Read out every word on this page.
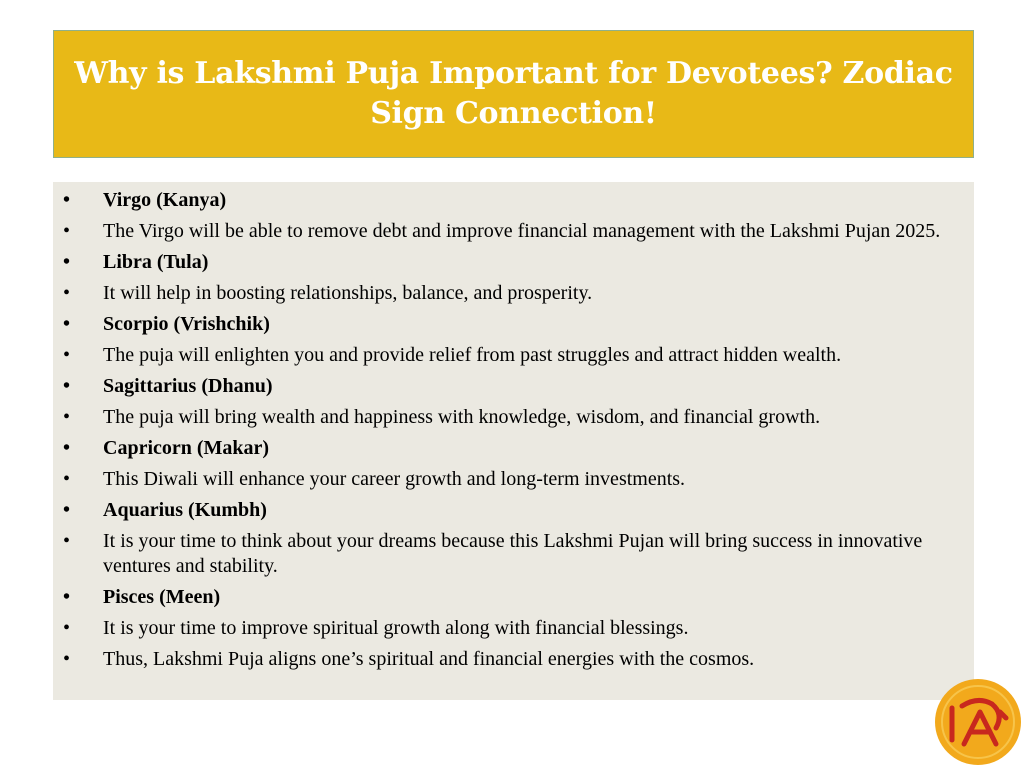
Why is Lakshmi Puja Important for Devotees? Zodiac Sign Connection!
• Virgo (Kanya)
• The Virgo will be able to remove debt and improve financial management with the Lakshmi Pujan 2025.
• Libra (Tula)
• It will help in boosting relationships, balance, and prosperity.
• Scorpio (Vrishchik)
• The puja will enlighten you and provide relief from past struggles and attract hidden wealth.
• Sagittarius (Dhanu)
• The puja will bring wealth and happiness with knowledge, wisdom, and financial growth.
• Capricorn (Makar)
• This Diwali will enhance your career growth and long-term investments.
• Aquarius (Kumbh)
• It is your time to think about your dreams because this Lakshmi Pujan will bring success in innovative ventures and stability.
• Pisces (Meen)
• It is your time to improve spiritual growth along with financial blessings.
• Thus, Lakshmi Puja aligns one’s spiritual and financial energies with the cosmos.
